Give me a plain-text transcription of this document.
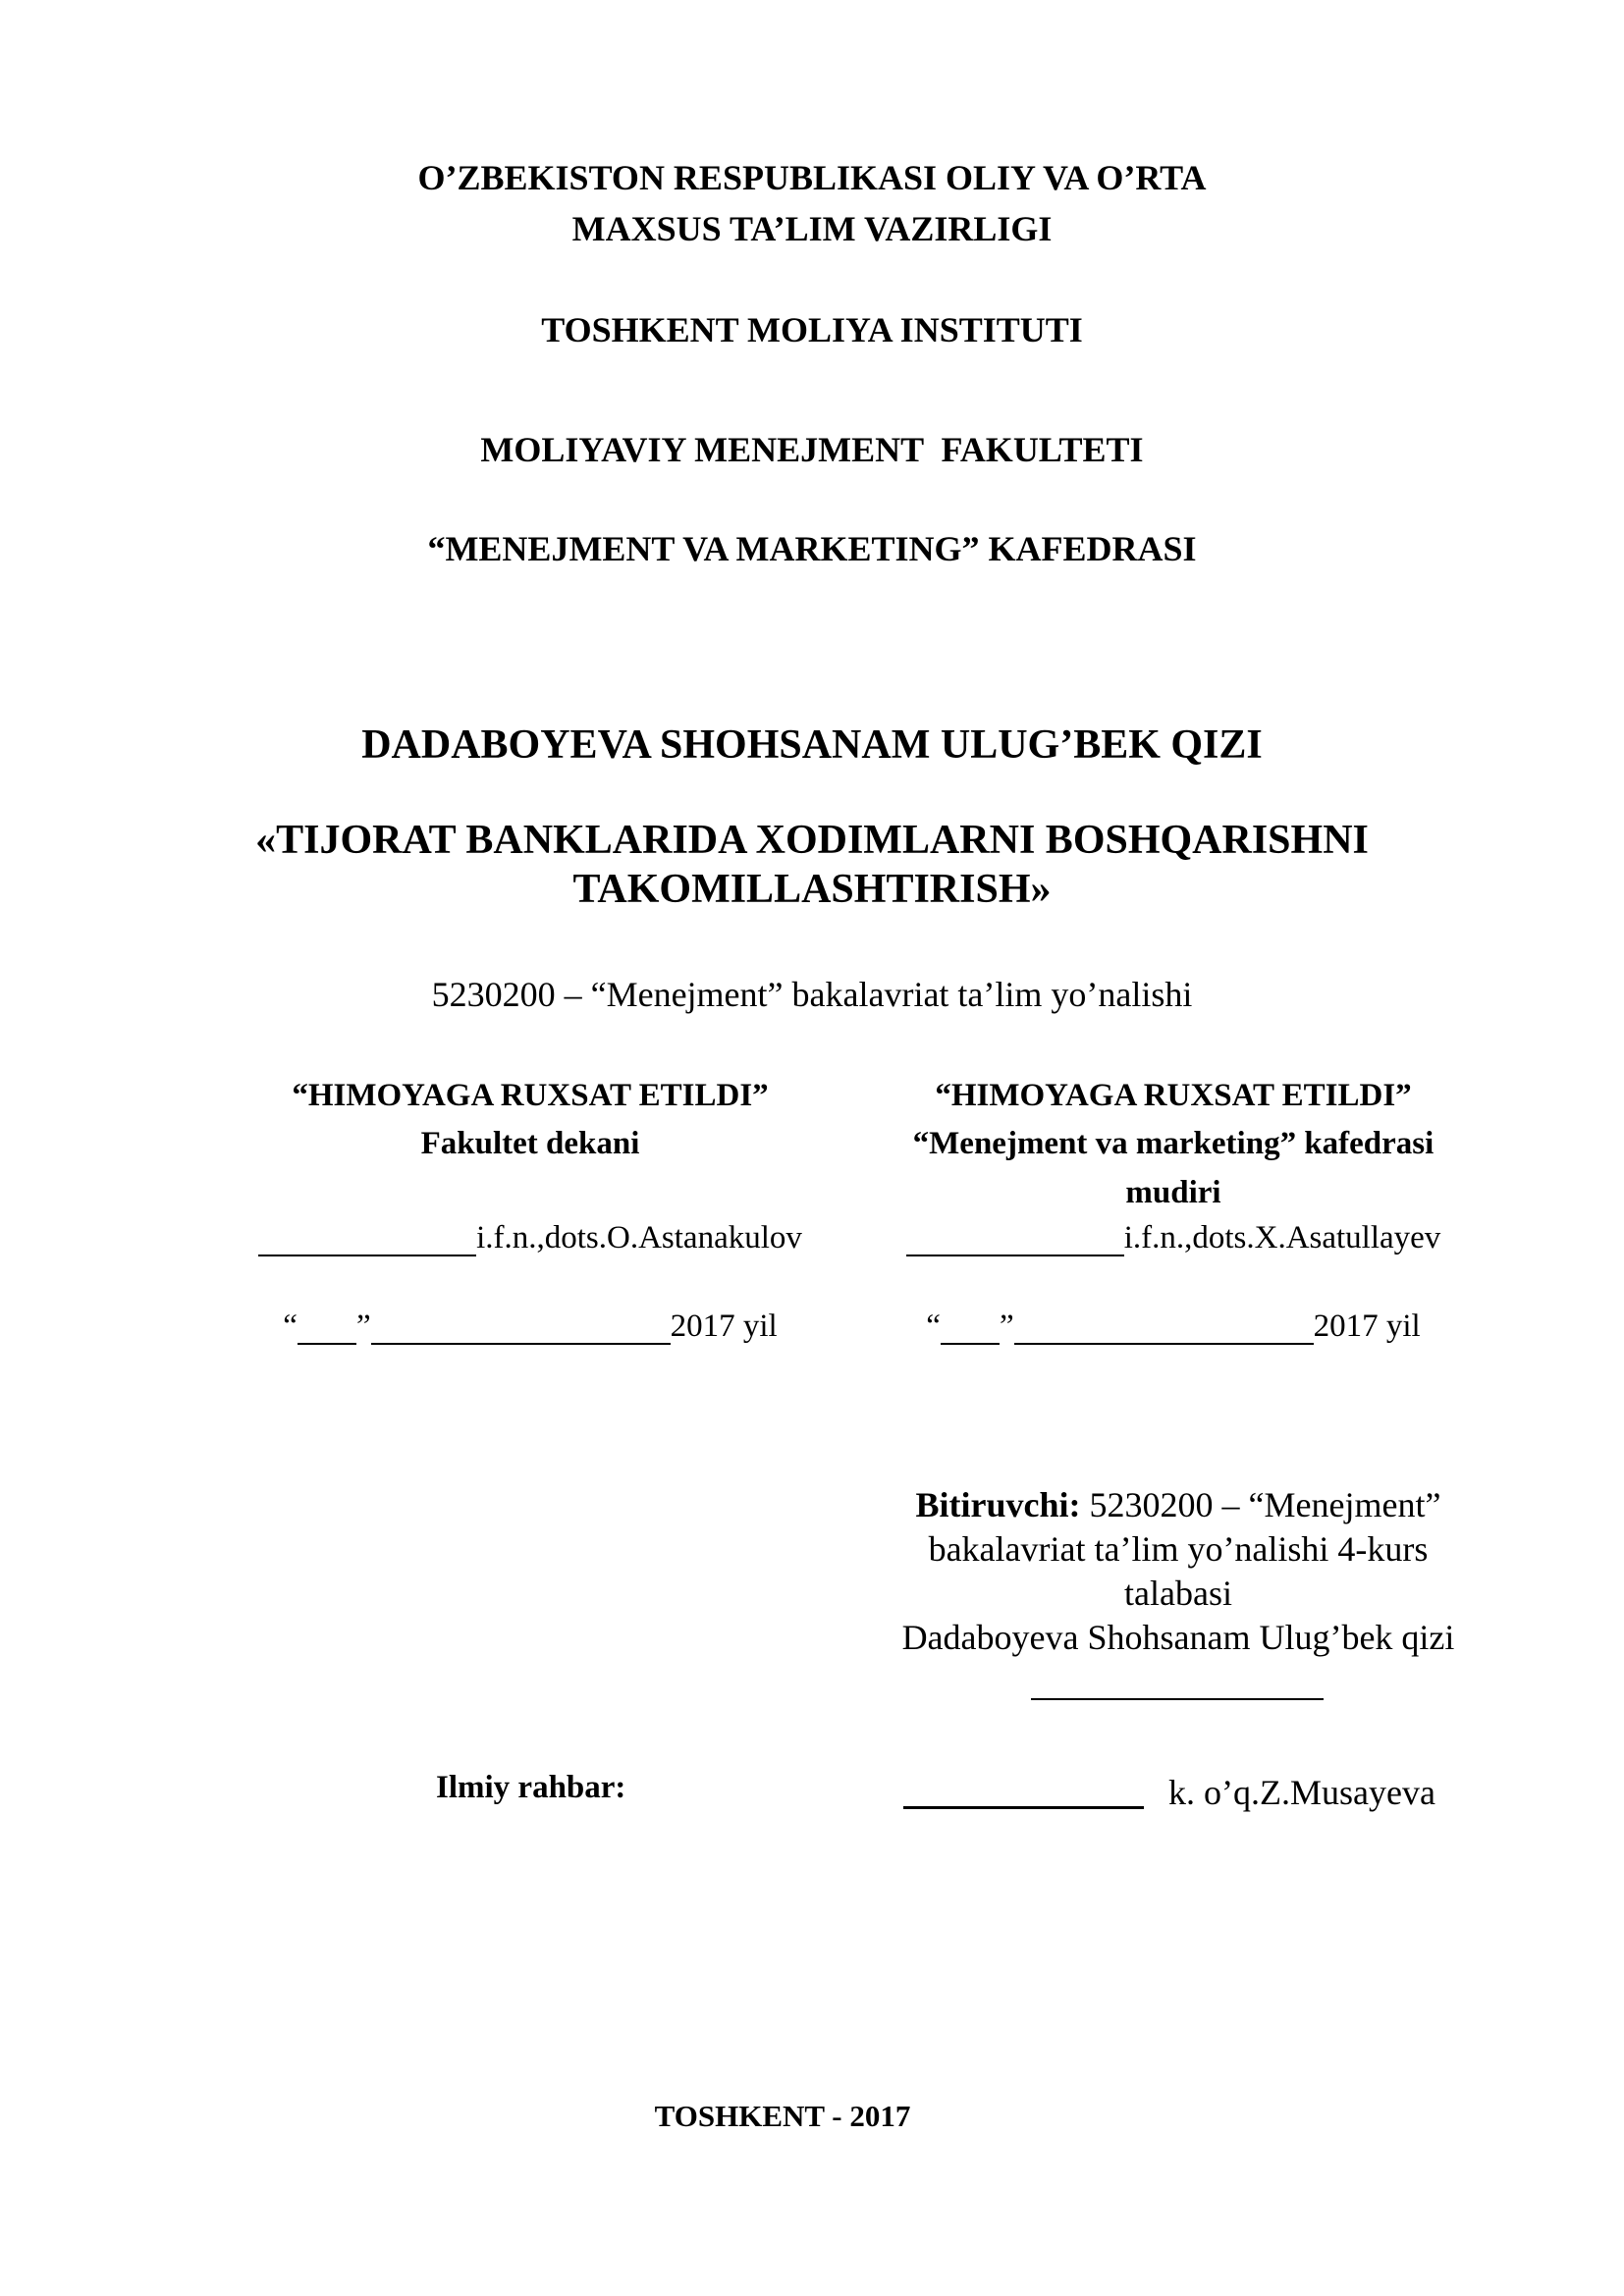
O’ZBEKISTON RESPUBLIKASI OLIY VA O’RTA
MAXSUS TA’LIM VAZIRLIGI
TOSHKENT MOLIYA INSTITUTI
MOLIYAVIY MENEJMENT  FAKULTETI
“MENEJMENT VA MARKETING” KAFEDRASI
DADABOYEVA SHOHSANAM ULUG’BEK QIZI
«TIJORAT BANKLARIDA XODIMLARNI BOSHQARISHNI
TAKOMILLASHTIRISH»
5230200 – “Menejment” bakalavriat ta’lim yo’nalishi
“HIMOYAGA RUXSAT ETILDI”
Fakultet dekani
i.f.n.,dots.O.Astanakulov
“ ”	2017 yil
“HIMOYAGA RUXSAT ETILDI”
“Menejment va marketing” kafedrasi
mudiri
i.f.n.,dots.X.Asatullayev
“ ”	2017 yil
Bitiruvchi: 5230200 – “Menejment”
bakalavriat ta’lim yo’nalishi 4-kurs
talabasi
Dadaboyeva Shohsanam Ulug’bek qizi
Ilmiy rahbar:	k. o’q.Z.Musayeva
TOSHKENT - 2017
